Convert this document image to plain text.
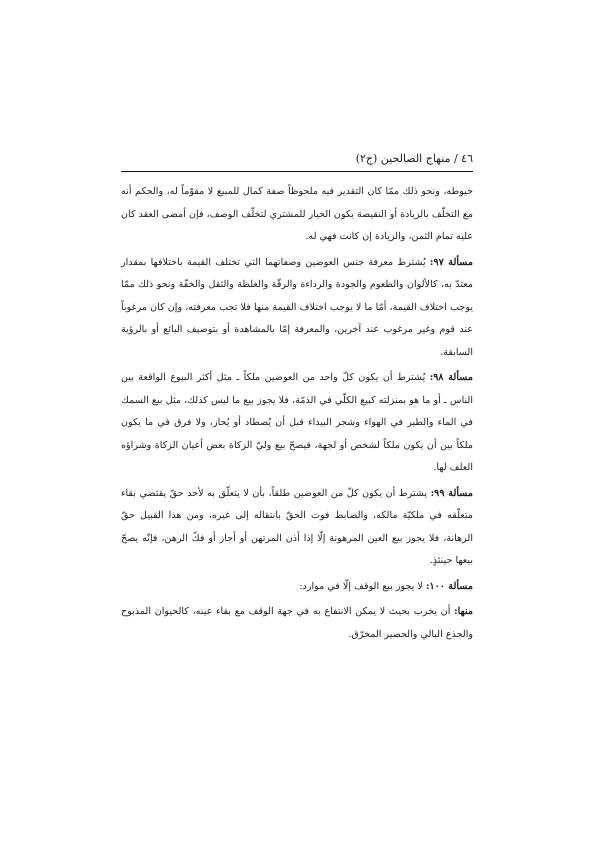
٤٦ / منهاج الصالحين (ج٢)

خيوطه، ونحو ذلك ممّا كان التقدير فيه ملحوظاً صفة كمال للمبيع لا مقوّماً له، والحكم أنه مع التخلّف بالزيادة أو النقيصة يكون الخيار للمشتري لتخلّف الوصف، فإن أمضى العقد كان عليه تمام الثمن، والزيادة إن كانت فهي له.

مسألة ٩٧: يُشترط معرفة جنس العوضين وصفاتهما التي تختلف القيمة باختلافها بمقدار معتدّ به، كالألوان والطعوم والجودة والرداءة والرقّة والغلظة والثقل والخفّة ونحو ذلك ممّا يوجب اختلاف القيمة، أمّا ما لا يوجب اختلاف القيمة منها فلا تجب معرفته، وإن كان مرغوباً عند قوم وغير مرغوب عند آخرين، والمعرفة إمّا بالمشاهدة أو بتوصيف البائع أو بالرؤية السابقة.

مسألة ٩٨: يُشترط أن يكون كلّ واحد من العوضين ملكاً ـ مثل أكثر البيوع الواقعة بين الناس ـ أو ما هو بمنزلته كبيع الكلّي في الذمّة، فلا يجوز بيع ما ليس كذلك، مثل بيع السمك في الماء والطير في الهواء وشجر البيداء قبل أن يُصطاد أو يُحاز، ولا فرق في ما يكون ملكاً بين أن يكون ملكاً لشخص أو لجهة، فيصحّ بيع وليّ الزكاة بعض أعيان الزكاة وشراؤه العلف لها.

مسألة ٩٩: يشترط أن يكون كلّ من العوضين طلقاً، بأن لا يتعلّق به لأحد حقّ يقتضي بقاء متعلّقه في ملكيّة مالكه، والضابط فوت الحقّ بانتقاله إلى غيره، ومن هذا القبيل حقّ الرهانة، فلا يجوز بيع العين المرهونة إلّا إذا أذن المرتهن أو أجاز أو فكّ الرهن، فإنّه يصحّ بيعها حينئذٍ.

مسألة ١٠٠: لا يجوز بيع الوقف إلّا في موارد:

منها: أن يخرب بحيث لا يمكن الانتفاع به في جهة الوقف مع بقاء عينه، كالحيوان المذبوح والجذع البالي والحصير المخرّق.
